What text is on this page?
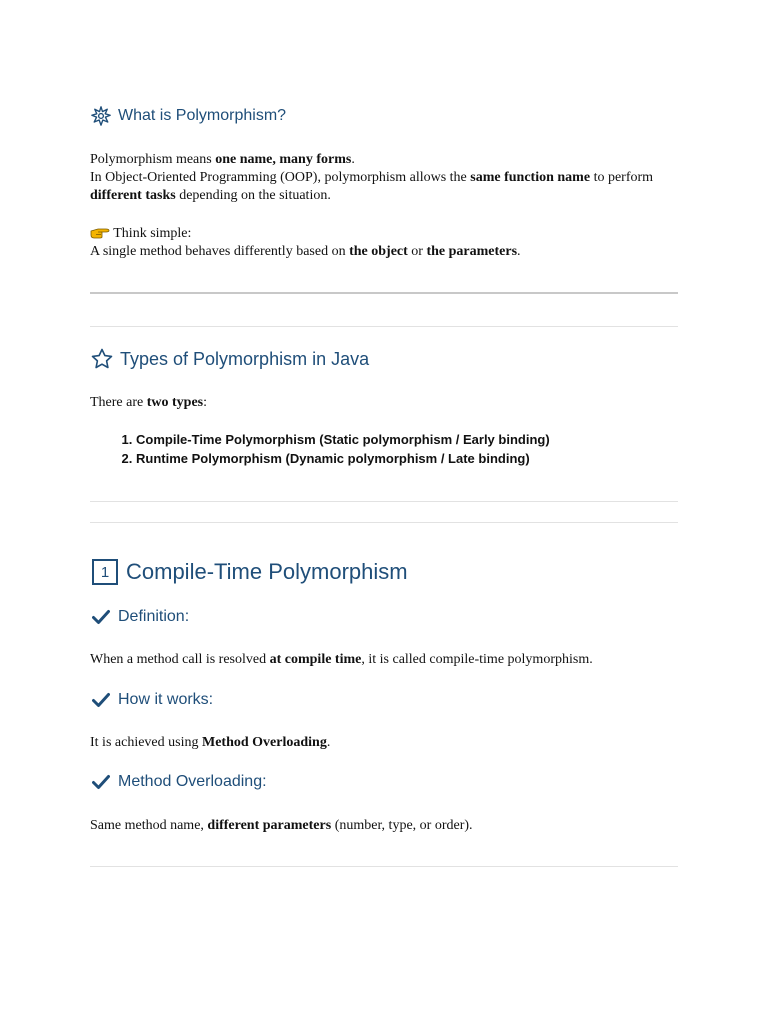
What is Polymorphism?

Polymorphism means one name, many forms.
In Object-Oriented Programming (OOP), polymorphism allows the same function name to perform different tasks depending on the situation.

Think simple:
A single method behaves differently based on the object or the parameters.

Types of Polymorphism in Java

There are two types:

1. Compile-Time Polymorphism (Static polymorphism / Early binding)
2. Runtime Polymorphism (Dynamic polymorphism / Late binding)
1 Compile-Time Polymorphism
Definition:

When a method call is resolved at compile time, it is called compile-time polymorphism.

How it works:

It is achieved using Method Overloading.

Method Overloading:

Same method name, different parameters (number, type, or order).
